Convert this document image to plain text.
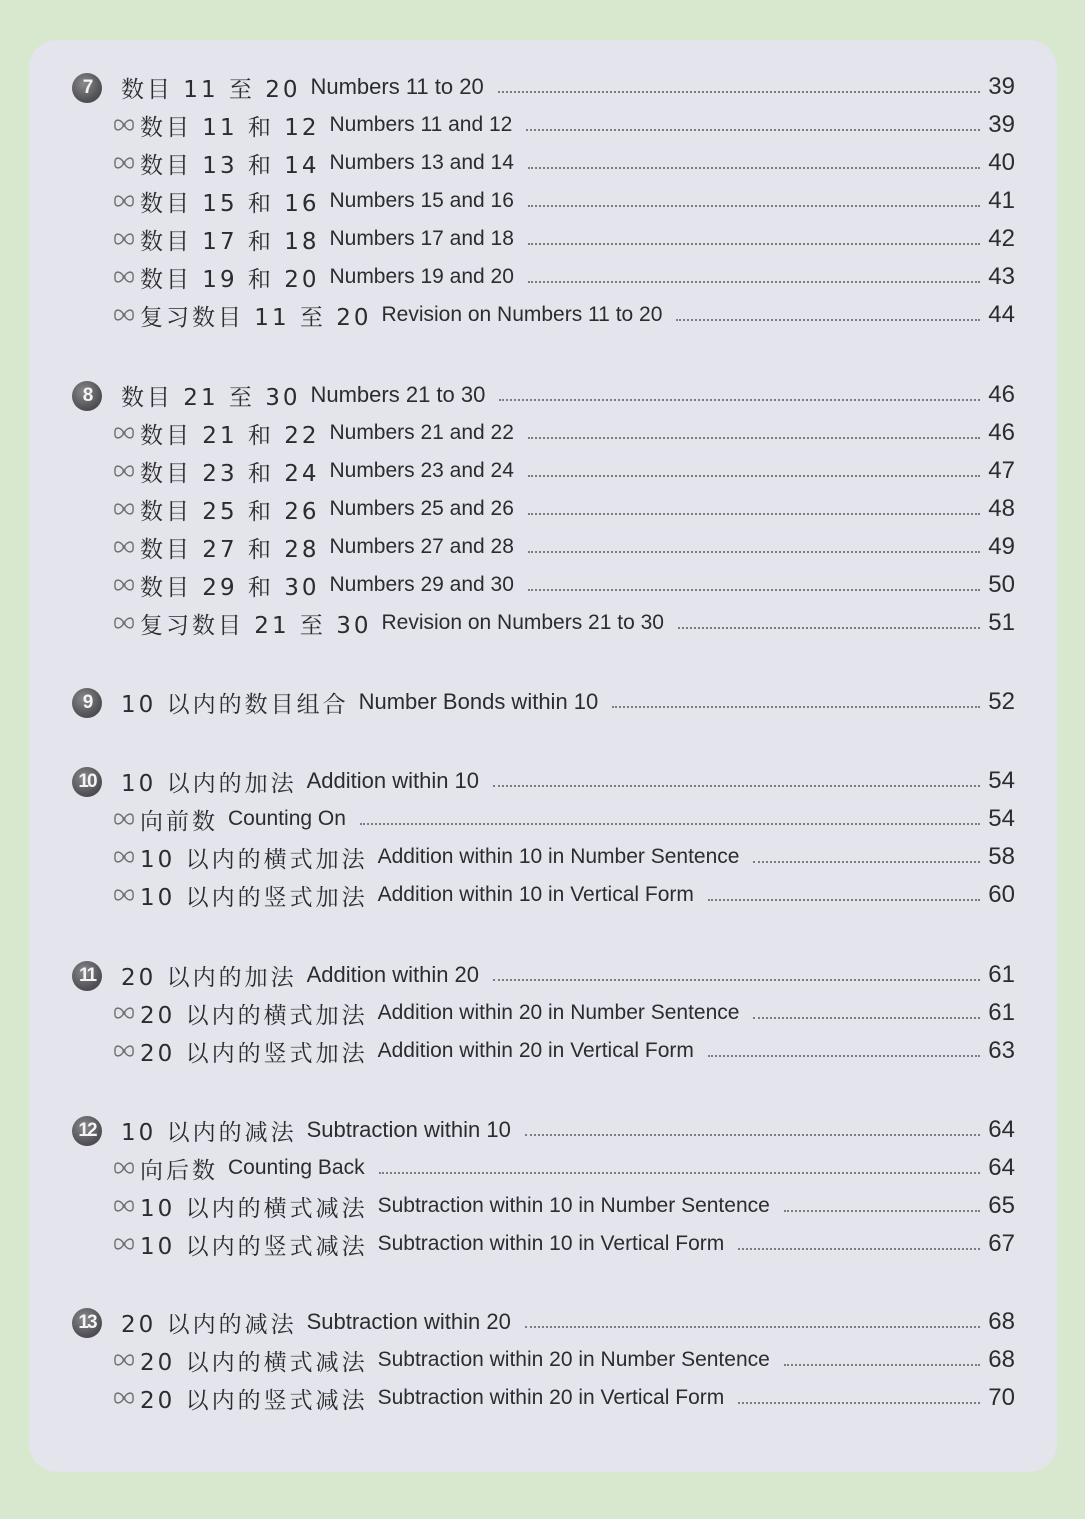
7	数目 11 至 20 Numbers 11 to 20	39
数目 11 和 12 Numbers 11 and 12	39
数目 13 和 14 Numbers 13 and 14	40
数目 15 和 16 Numbers 15 and 16	41
数目 17 和 18 Numbers 17 and 18	42
数目 19 和 20 Numbers 19 and 20	43
复习数目 11 至 20 Revision on Numbers 11 to 20	44
8	数目 21 至 30 Numbers 21 to 30	46
数目 21 和 22 Numbers 21 and 22	46
数目 23 和 24 Numbers 23 and 24	47
数目 25 和 26 Numbers 25 and 26	48
数目 27 和 28 Numbers 27 and 28	49
数目 29 和 30 Numbers 29 and 30	50
复习数目 21 至 30 Revision on Numbers 21 to 30	51
9	10 以内的数目组合 Number Bonds within 10	52
10 10 以内的加法 Addition within 10	54
向前数 Counting On	54
10 以内的横式加法 Addition within 10 in Number Sentence	58
10 以内的竖式加法 Addition within 10 in Vertical Form	60
11	20 以内的加法 Addition within 20	61
20 以内的横式加法 Addition within 20 in Number Sentence	61
20 以内的竖式加法 Addition within 20 in Vertical Form	63
12 10 以内的减法 Subtraction within 10	64
向后数 Counting Back	64
10 以内的横式减法 Subtraction within 10 in Number Sentence	65
10 以内的竖式减法 Subtraction within 10 in Vertical Form	67
13 20 以内的减法 Subtraction within 20	68
20 以内的横式减法 Subtraction within 20 in Number Sentence	68
20 以内的竖式减法 Subtraction within 20 in Vertical Form	70
